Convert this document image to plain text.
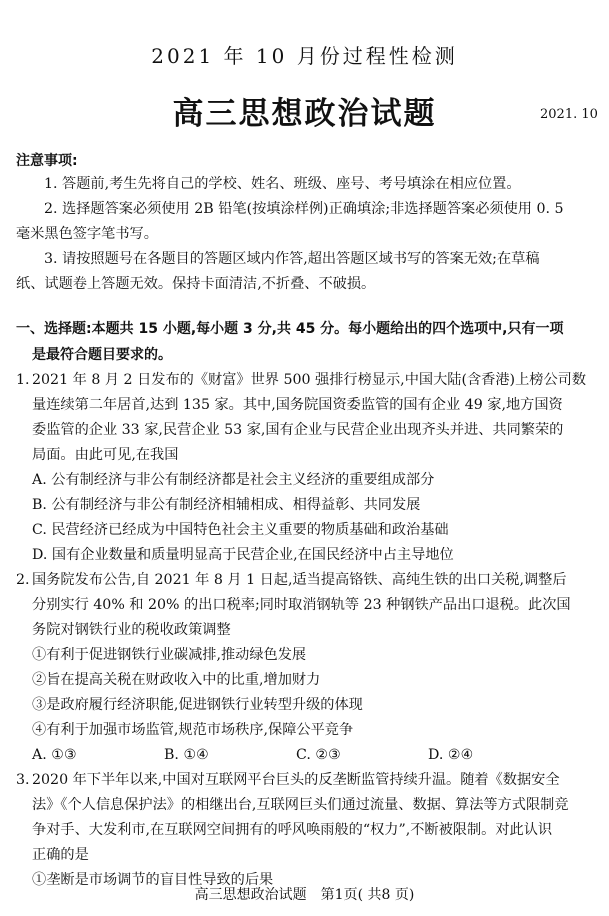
2021 年 10 月份过程性检测
高三思想政治试题	2021. 10
注意事项:
1. 答题前,考生先将自己的学校、姓名、班级、座号、考号填涂在相应位置。
2. 选择题答案必须使用 2B 铅笔(按填涂样例)正确填涂;非选择题答案必须使用 0. 5
毫米黑色签字笔书写。
3. 请按照题号在各题目的答题区域内作答,超出答题区域书写的答案无效;在草稿
纸、试题卷上答题无效。保持卡面清洁,不折叠、不破损。
一、选择题:本题共 15 小题,每小题 3 分,共 45 分。每小题给出的四个选项中,只有一项
是最符合题目要求的。
1. 2021 年 8 月 2 日发布的《财富》世界 500 强排行榜显示,中国大陆(含香港)上榜公司数
量连续第二年居首,达到 135 家。其中,国务院国资委监管的国有企业 49 家,地方国资
委监管的企业 33 家,民营企业 53 家,国有企业与民营企业出现齐头并进、共同繁荣的
局面。由此可见,在我国
A. 公有制经济与非公有制经济都是社会主义经济的重要组成部分
B. 公有制经济与非公有制经济相辅相成、相得益彰、共同发展
C. 民营经济已经成为中国特色社会主义重要的物质基础和政治基础
D. 国有企业数量和质量明显高于民营企业,在国民经济中占主导地位
2. 国务院发布公告,自 2021 年 8 月 1 日起,适当提高铬铁、高纯生铁的出口关税,调整后
分别实行 40% 和 20% 的出口税率;同时取消钢轨等 23 种钢铁产品出口退税。此次国
务院对钢铁行业的税收政策调整
①有利于促进钢铁行业碳减排,推动绿色发展
②旨在提高关税在财政收入中的比重,增加财力
③是政府履行经济职能,促进钢铁行业转型升级的体现
④有利于加强市场监管,规范市场秩序,保障公平竞争
A. ①③	B. ①④	C. ②③	D. ②④
3. 2020 年下半年以来,中国对互联网平台巨头的反垄断监管持续升温。随着《数据安全
法》《个人信息保护法》的相继出台,互联网巨头们通过流量、数据、算法等方式限制竞
争对手、大发利市,在互联网空间拥有的呼风唤雨般的“权力”,不断被限制。对此认识
正确的是
①垄断是市场调节的盲目性导致的后果
高三思想政治试题　第1页( 共8 页)
